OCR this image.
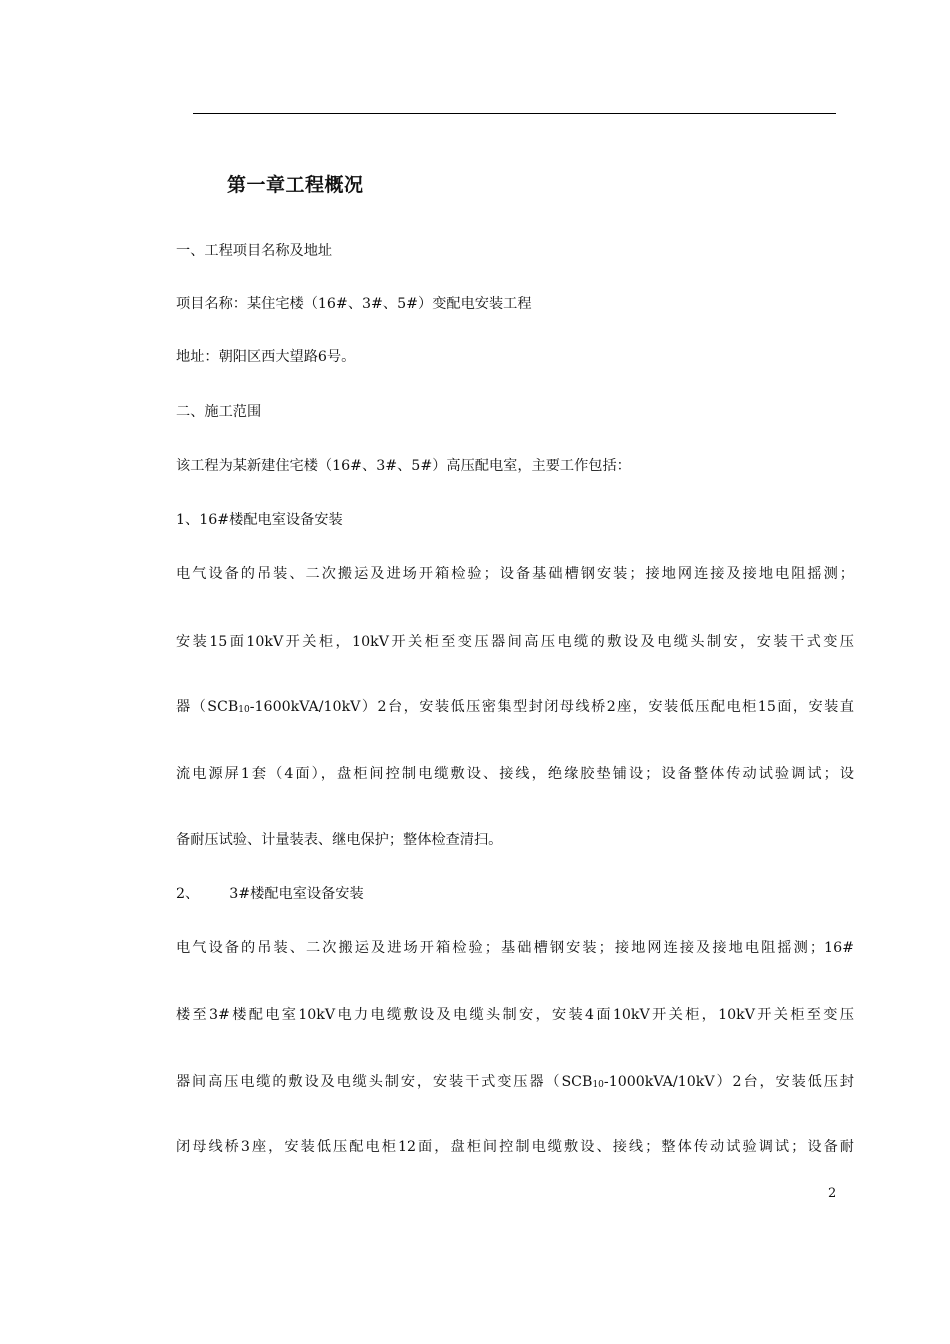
第一章工程概况
一、工程项目名称及地址
项目名称：某住宅楼（16#、3#、5#）变配电安装工程
地址：朝阳区西大望路6号。
二、施工范围
该工程为某新建住宅楼（16#、3#、5#）高压配电室，主要工作包括：
1、16#楼配电室设备安装
电气设备的吊装、二次搬运及进场开箱检验；设备基础槽钢安装；接地网连接及接地电阻摇测；
安装15面10kV开关柜，10kV开关柜至变压器间高压电缆的敷设及电缆头制安，安装干式变压
器$(SCB_{10}-1600kVA/10kV)2$台，安装低压密集型封闭母线桥2座，安装低压配电柜15面，安装直
流电源屏1套（4面），盘柜间控制电缆敷设、接线，绝缘胶垫铺设；设备整体传动试验调试；设
备耐压试验、计量装表、继电保护；整体检查清扫。
2、 3#楼配电室设备安装
电气设备的吊装、二次搬运及进场开箱检验；基础槽钢安装；接地网连接及接地电阻摇测；16#
楼至3#楼配电室10kV电力电缆敷设及电缆头制安，安装4面10kV开关柜，10kV开关柜至变压
器间高压电缆的敷设及电缆头制安，安装干式变压器$(SCB_{10}-1000kVA/10kV)2$台，安装低压封
闭母线桥3座，安装低压配电柜12面，盘柜间控制电缆敷设、接线；整体传动试验调试；设备耐
2
